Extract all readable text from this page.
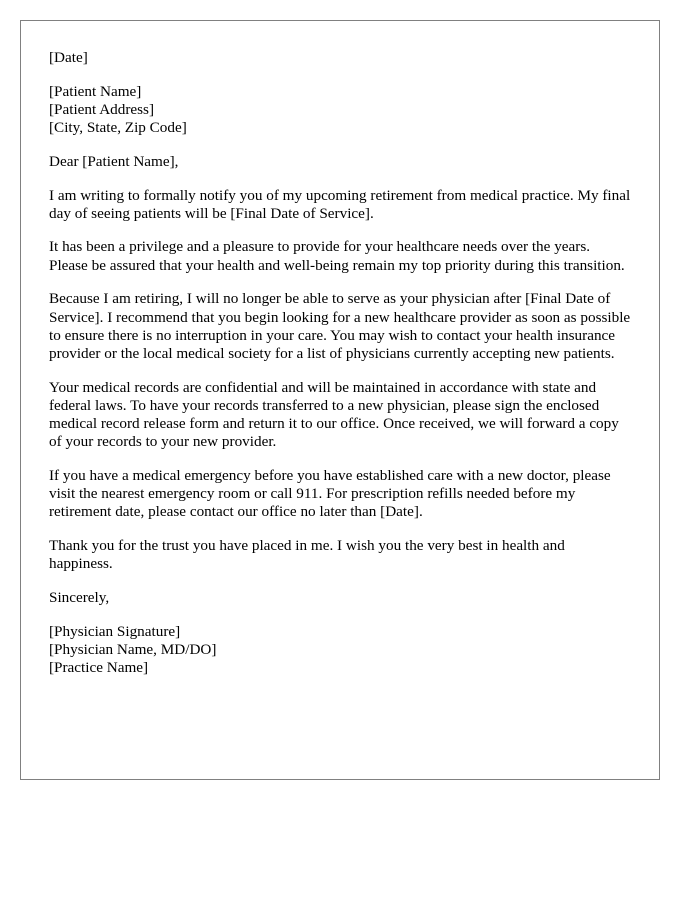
[Date]
[Patient Name]
[Patient Address]
[City, State, Zip Code]
Dear [Patient Name],

I am writing to formally notify you of my upcoming retirement from medical practice. My final day of seeing patients will be [Final Date of Service].

It has been a privilege and a pleasure to provide for your healthcare needs over the years. Please be assured that your health and well-being remain my top priority during this transition.

Because I am retiring, I will no longer be able to serve as your physician after [Final Date of Service]. I recommend that you begin looking for a new healthcare provider as soon as possible to ensure there is no interruption in your care. You may wish to contact your health insurance provider or the local medical society for a list of physicians currently accepting new patients.

Your medical records are confidential and will be maintained in accordance with state and federal laws. To have your records transferred to a new physician, please sign the enclosed medical record release form and return it to our office. Once received, we will forward a copy of your records to your new provider.

If you have a medical emergency before you have established care with a new doctor, please visit the nearest emergency room or call 911. For prescription refills needed before my retirement date, please contact our office no later than [Date].

Thank you for the trust you have placed in me. I wish you the very best in health and happiness.

Sincerely,
[Physician Signature]
[Physician Name, MD/DO]
[Practice Name]
